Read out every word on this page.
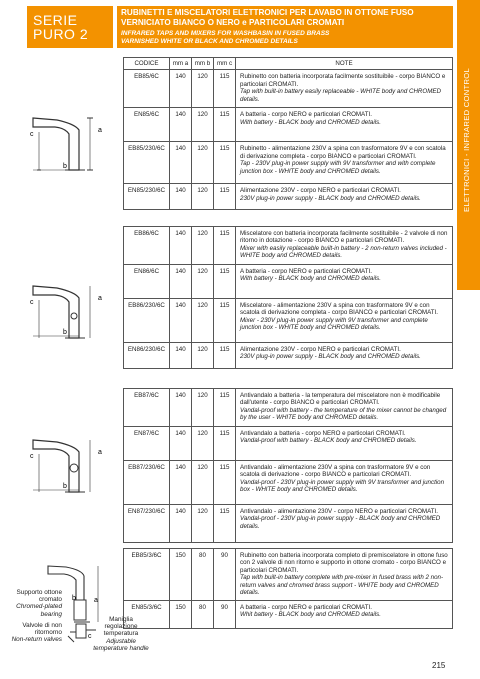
SERIE
PURO 2
RUBINETTI E MISCELATORI ELETTRONICI PER LAVABO IN OTTONE FUSO
VERNICIATO BIANCO O NERO e PARTICOLARI CROMATI
INFRARED TAPS AND MIXERS FOR WASHBASIN IN FUSED BRASS
VARNISHED WHITE OR BLACK AND CHROMED DETAILS
ELETTRONICI - INFRARED CONTROL
CODICE	mm a	mm b	mm c	NOTE
EB85/6C	140	120	115	Rubinetto con batteria incorporata facilmente sostituibile - corpo BIANCO e particolari CROMATI.
Tap with built-in battery easily replaceable - WHITE body and CHROMED details.
EN85/6C	140	120	115	A batteria - corpo NERO e particolari CROMATI.
With battery - BLACK body and CHROMED details.
EB85/230/6C	140	120	115	Rubinetto - alimentazione 230V a spina con trasformatore 9V e con scatola di derivazione completa - corpo BIANCO e particolari CROMATI.
Tap - 230V plug-in power supply with 9V transformer and with complete junction box - WHITE body and CHROMED details.
EN85/230/6C	140	120	115	Alimentazione 230V - corpo NERO e particolari CROMATI.
230V plug-in power supply - BLACK body and CHROMED details.
EB86/6C	140	120	115	Miscelatore con batteria incorporata facilmente sostituibile - 2 valvole di non ritorno in dotazione - corpo BIANCO e particolari CROMATI.
Mixer with easily replaceable built-in battery - 2 non-return valves included - WHITE body and CHROMED details.
EN86/6C	140	120	115	A batteria - corpo NERO e particolari CROMATI.
With battery - BLACK body and CHROMED details.
EB86/230/6C	140	120	115	Miscelatore - alimentazione 230V a spina con trasformatore 9V e con scatola di derivazione completa - corpo BIANCO e particolari CROMATI.
Mixer - 230V plug-in power supply with 9V transformer and complete junction box - WHITE body and CHROMED details.
EN86/230/6C	140	120	115	Alimentazione 230V - corpo NERO e particolari CROMATI.
230V plug-in power supply - BLACK body and CHROMED details.
EB87/6C	140	120	115	Antivandalo a batteria - la temperatura del miscelatore non è modificabile dall'utente - corpo BIANCO e particolari CROMATI.
Vandal-proof with battery - the temperature of the mixer cannot be changed by the user - WHITE body and CHROMED details.
EN87/6C	140	120	115	Antivandalo a batteria - corpo NERO e particolari CROMATI.
Vandal-proof with battery - BLACK body and CHROMED details.
EB87/230/6C	140	120	115	Antivandalo - alimentazione 230V a spina con trasformatore 9V e con scatola di derivazione - corpo BIANCO e particolari CROMATI.
Vandal-proof - 230V plug-in power supply with 9V transformer and junction box - WHITE body and CHROMED details.
EN87/230/6C	140	120	115	Antivandalo - alimentazione 230V - corpo NERO e particolari CROMATI.
Vandal-proof - 230V plug-in power supply - BLACK body and CHROMED details.
EB85/3/6C	150	80	90	Rubinetto con batteria incorporata completo di premiscelatore in ottone fuso con 2 valvole di non ritorno e supporto in ottone cromato - corpo BIANCO e particolari CROMATI.
Tap with built-in battery complete with pre-mixer in fused brass with 2 non-return valves and chromed brass support - WHITE body and CHROMED details.
EN85/3/6C	150	80	90	A batteria - corpo NERO e particolari CROMATI.
Whit battery - BLACK body and CHROMED details.
c
a
b
c
a
b
c
a
b
a
b
c
Supporto ottone cromato
Chromed-plated bearing
Valvole di non ritornorno
Non-return valves
Maniglia regolazione temperatura
Adjustable temperature handle
215
